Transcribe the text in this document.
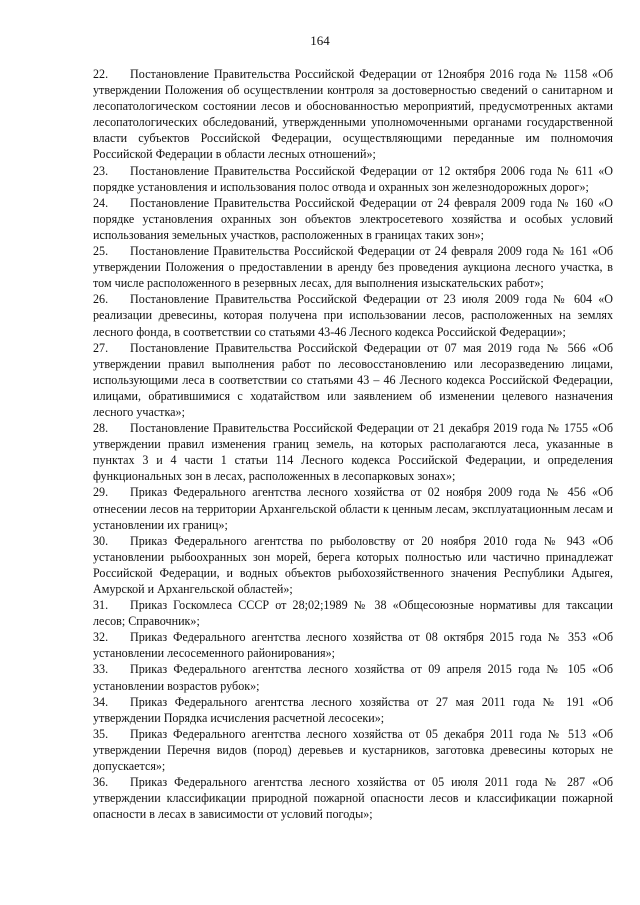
164

22. Постановление Правительства Российской Федерации от 12ноября 2016 года № 1158 «Об утверждении Положения об осуществлении контроля за достоверностью сведений о санитарном и лесопатологическом состоянии лесов и обоснованностью мероприятий, предусмотренных актами лесопатологических обследований, утвержденными уполномоченными органами государственной власти субъектов Российской Федерации, осуществляющими переданные им полномочия Российской Федерации в области лесных отношений»;

23. Постановление Правительства Российской Федерации от 12 октября 2006 года № 611 «О порядке установления и использования полос отвода и охранных зон железнодорожных дорог»;

24. Постановление Правительства Российской Федерации от 24 февраля 2009 года № 160 «О порядке установления охранных зон объектов электросетевого хозяйства и особых условий использования земельных участков, расположенных в границах таких зон»;

25. Постановление Правительства Российской Федерации от 24 февраля 2009 года № 161 «Об утверждении Положения о предоставлении в аренду без проведения аукциона лесного участка, в том числе расположенного в резервных лесах, для выполнения изыскательских работ»;

26. Постановление Правительства Российской Федерации от 23 июля 2009 года № 604 «О реализации древесины, которая получена при использовании лесов, расположенных на землях лесного фонда, в соответствии со статьями 43-46 Лесного кодекса Российской Федерации»;

27. Постановление Правительства Российской Федерации от 07 мая 2019 года № 566 «Об утверждении правил выполнения работ по лесовосстановлению или лесоразведению лицами, использующими леса в соответствии со статьями 43 – 46 Лесного кодекса Российской Федерации, илицами, обратившимися с ходатайством или заявлением об изменении целевого назначения лесного участка»;

28. Постановление Правительства Российской Федерации от 21 декабря 2019 года № 1755 «Об утверждении правил изменения границ земель, на которых располагаются леса, указанные в пунктах 3 и 4 части 1 статьи 114 Лесного кодекса Российской Федерации, и определения функциональных зон в лесах, расположенных в лесопарковых зонах»;

29. Приказ Федерального агентства лесного хозяйства от 02 ноября 2009 года № 456 «Об отнесении лесов на территории Архангельской области к ценным лесам, эксплуатационным лесам и установлении их границ»;

30. Приказ Федерального агентства по рыболовству от 20 ноября 2010 года № 943 «Об установлении рыбоохранных зон морей, берега которых полностью или частично принадлежат Российской Федерации, и водных объектов рыбохозяйственного значения Республики Адыгея, Амурской и Архангельской областей»;

31. Приказ Госкомлеса СССР от 28;02;1989 № 38 «Общесоюзные нормативы для таксации лесов; Справочник»;

32. Приказ Федерального агентства лесного хозяйства от 08 октября 2015 года № 353 «Об установлении лесосеменного районирования»;

33. Приказ Федерального агентства лесного хозяйства от 09 апреля 2015 года № 105 «Об установлении возрастов рубок»;

34. Приказ Федерального агентства лесного хозяйства от 27 мая 2011 года № 191 «Об утверждении Порядка исчисления расчетной лесосеки»;

35. Приказ Федерального агентства лесного хозяйства от 05 декабря 2011 года № 513 «Об утверждении Перечня видов (пород) деревьев и кустарников, заготовка древесины которых не допускается»;

36. Приказ Федерального агентства лесного хозяйства от 05 июля 2011 года № 287 «Об утверждении классификации природной пожарной опасности лесов и классификации пожарной опасности в лесах в зависимости от условий погоды»;
